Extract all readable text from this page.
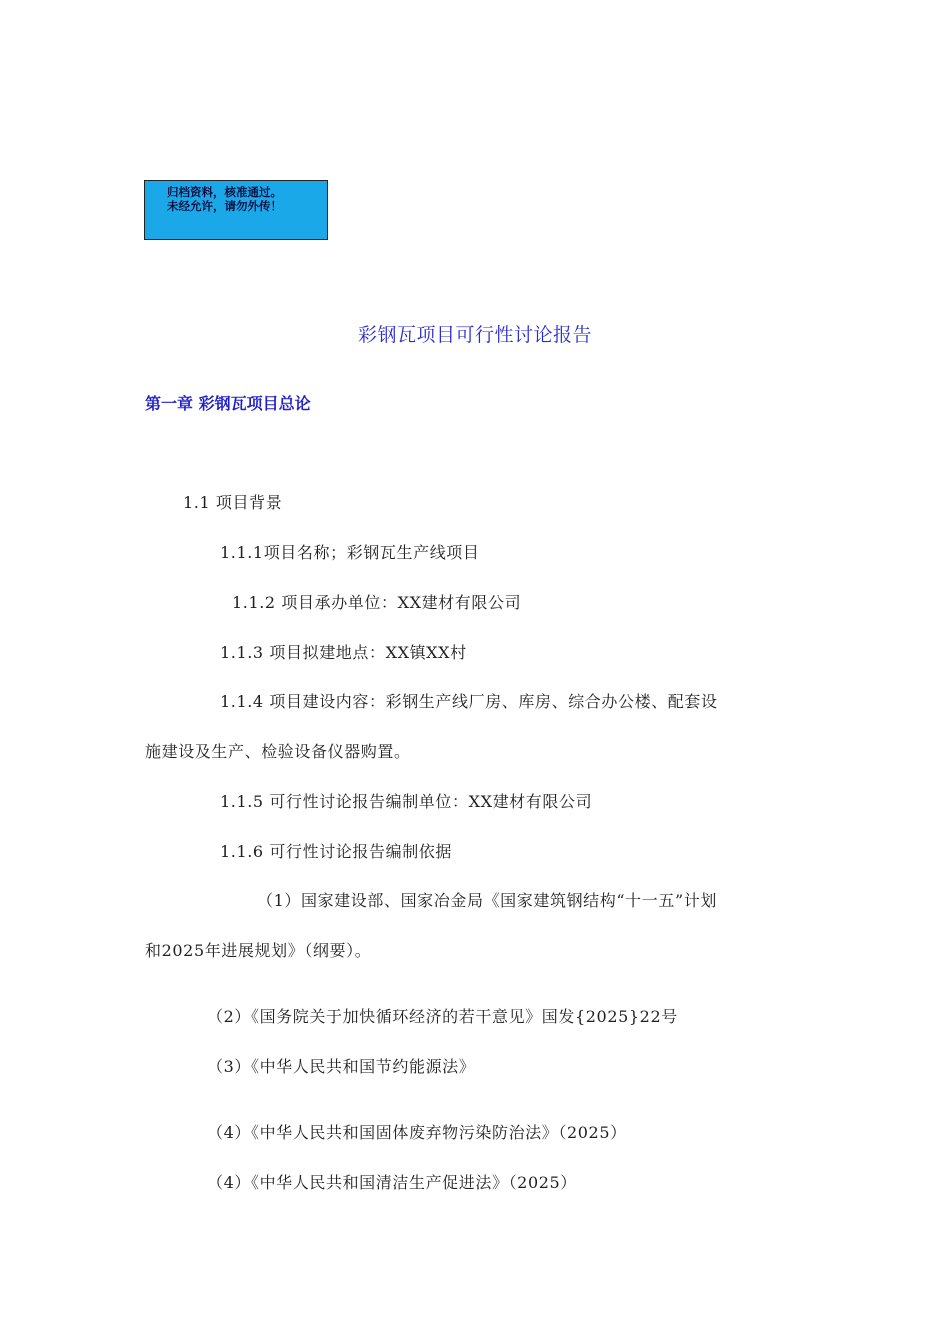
归档资料，核准通过。
未经允许，请勿外传！
彩钢瓦项目可行性讨论报告
第一章 彩钢瓦项目总论
1.1 项目背景
1.1.1项目名称；彩钢瓦生产线项目
1.1.2 项目承办单位：XX建材有限公司
1.1.3 项目拟建地点：XX镇XX村
1.1.4 项目建设内容：彩钢生产线厂房、库房、综合办公楼、配套设
施建设及生产、检验设备仪器购置。
1.1.5 可行性讨论报告编制单位：XX建材有限公司
1.1.6 可行性讨论报告编制依据
（1）国家建设部、国家冶金局《国家建筑钢结构“十一五”计划
和2025年进展规划》（纲要）。
（2）《国务院关于加快循环经济的若干意见》国发{2025}22号
（3）《中华人民共和国节约能源法》
（4）《中华人民共和国固体废弃物污染防治法》（2025）
（4）《中华人民共和国清洁生产促进法》（2025）
